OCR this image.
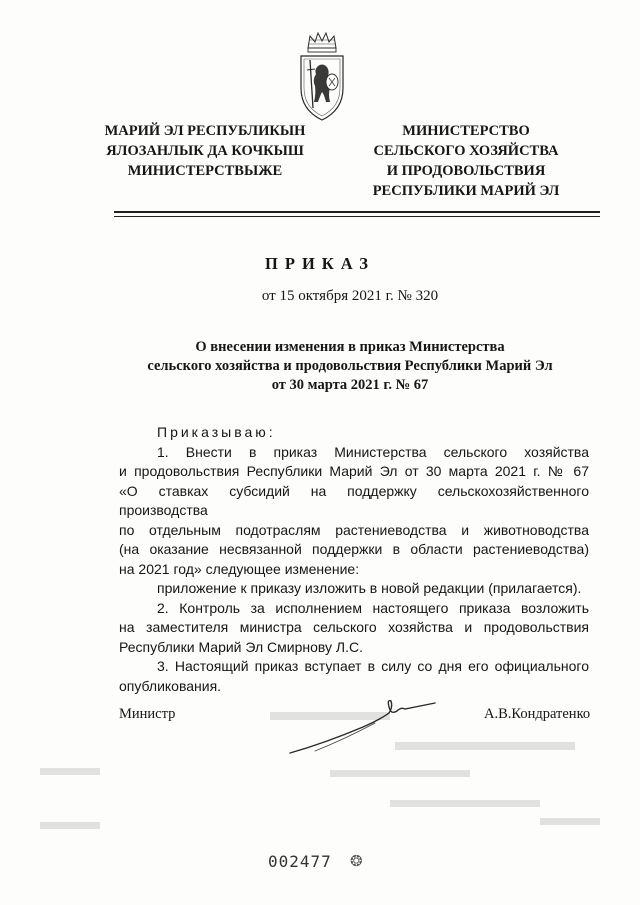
МАРИЙ ЭЛ РЕСПУБЛИКЫН
ЯЛОЗАНЛЫК ДА КОЧКЫШ
МИНИСТЕРСТВЫЖЕ
МИНИСТЕРСТВО
СЕЛЬСКОГО ХОЗЯЙСТВА
И ПРОДОВОЛЬСТВИЯ
РЕСПУБЛИКИ МАРИЙ ЭЛ
ПРИКАЗ
от 15 октября 2021 г. № 320
О внесении изменения в приказ Министерства
сельского хозяйства и продовольствия Республики Марий Эл
от 30 марта 2021 г. № 67

Приказываю:

1. Внести в приказ Министерства сельского хозяйства

и продовольствия Республики Марий Эл от 30 марта 2021 г. № 67

«О ставках субсидий на поддержку сельскохозяйственного производства

по отдельным подотраслям растениеводства и животноводства

(на оказание несвязанной поддержки в области растениеводства)

на 2021 год» следующее изменение:

приложение к приказу изложить в новой редакции (прилагается).

2. Контроль за исполнением настоящего приказа возложить

на заместителя министра сельского хозяйства и продовольствия

Республики Марий Эл Смирнову Л.С.

3. Настоящий приказ вступает в силу со дня его официального

опубликования.

Министр	А.В.Кондратенко
002477 ❂
